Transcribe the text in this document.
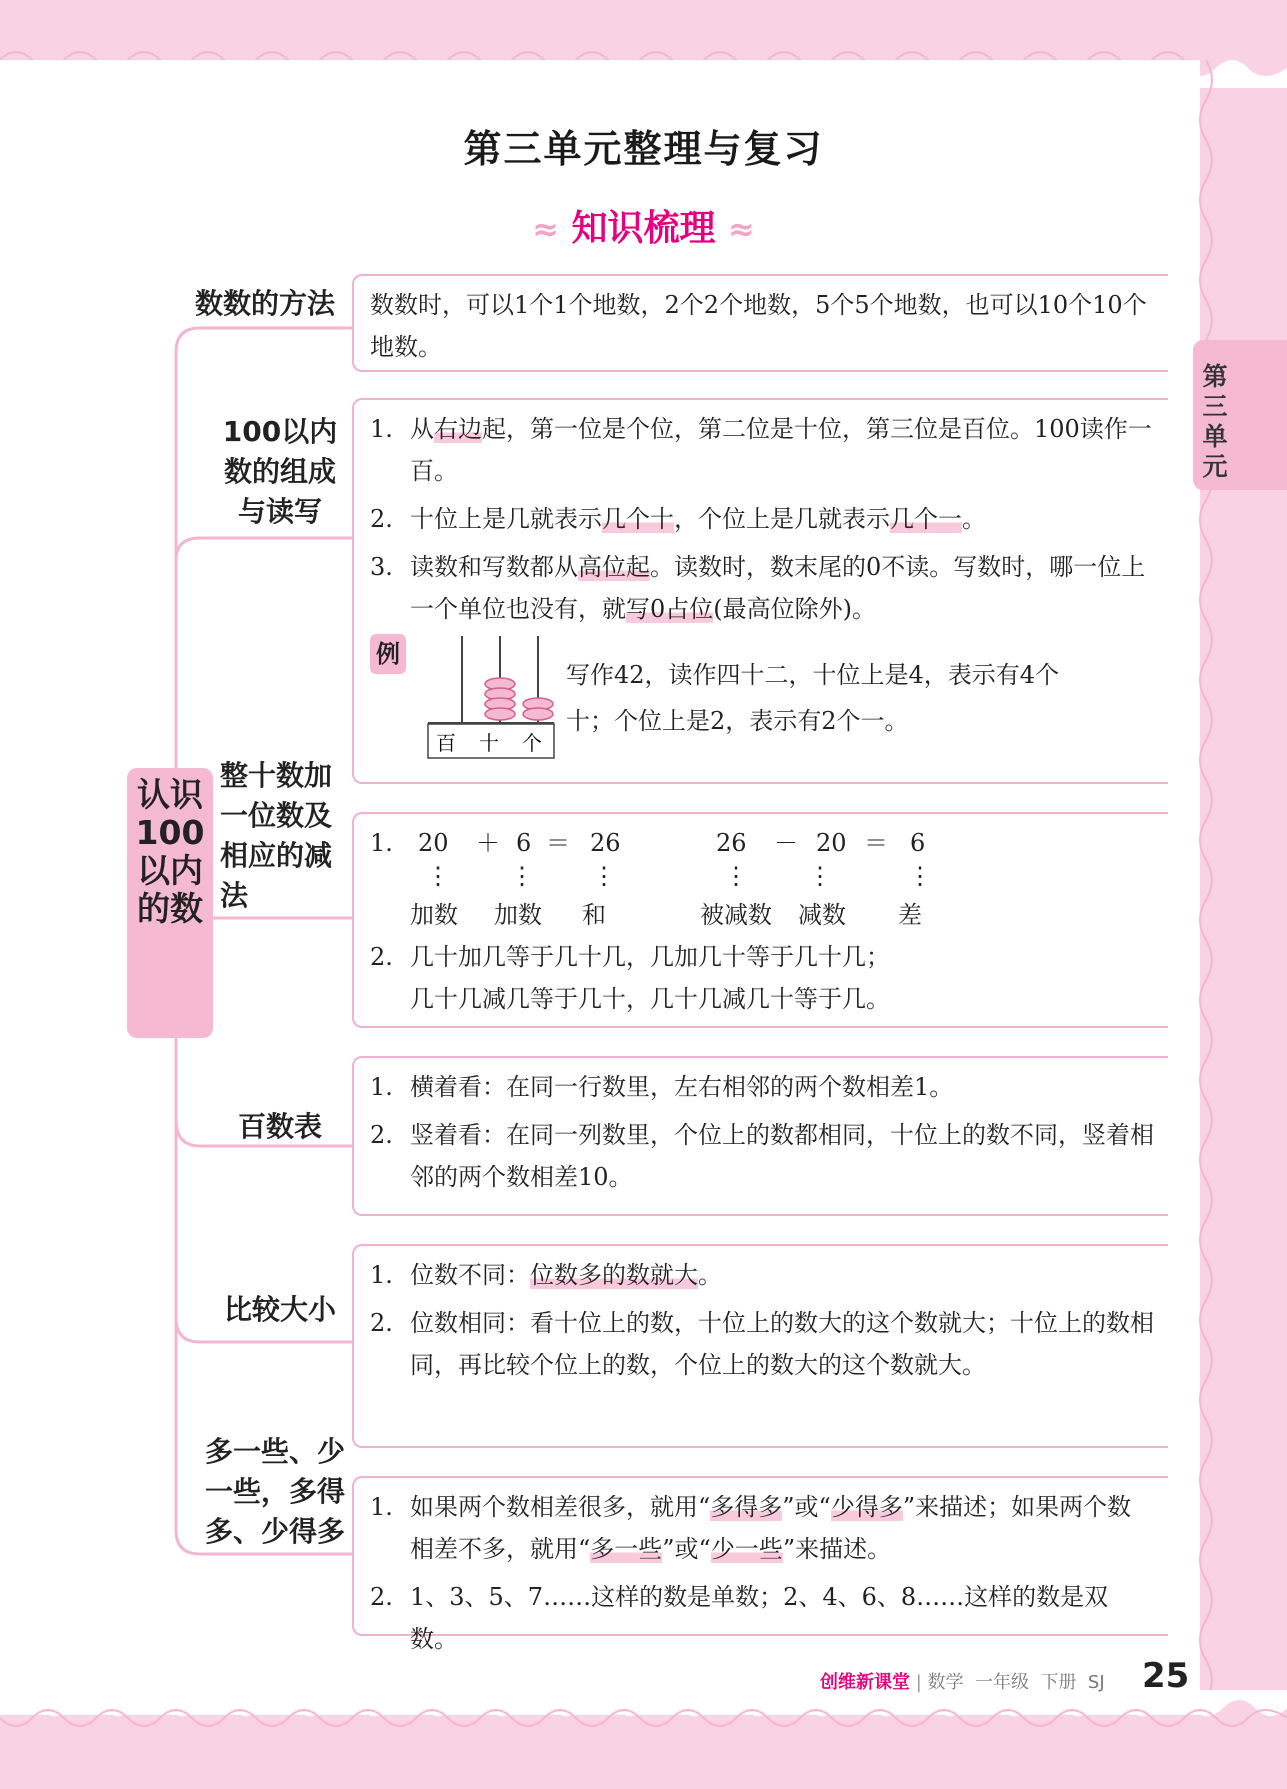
第三单元整理与复习
≈ 知识梳理 ≈
第三单元
认识100以内的数
数数的方法
100以内数的组成与读写
整十数加一位数及相应的减法
百数表
比较大小
多一些、少一些，多得多、少得多
数数时，可以1个1个地数，2个2个地数，5个5个地数，也可以10个10个地数。
1. 从右边起，第一位是个位，第二位是十位，第三位是百位。100读作一百。
2. 十位上是几就表示几个十，个位上是几就表示几个一。
3. 读数和写数都从高位起。读数时，数末尾的0不读。写数时，哪一位上一个单位也没有，就写0占位(最高位除外)。
例
百 十 个
写作42，读作四十二，十位上是4，表示有4个十；个位上是2，表示有2个一。
1. 20 ＋ 6 ＝ 26	26 － 20 ＝ 6
⋮	⋮ ⋮	⋮	⋮	⋮
加数 加数 和	被减数 减数 差
2. 几十加几等于几十几，几加几十等于几十几；
几十几减几等于几十，几十几减几十等于几。
1. 横着看：在同一行数里，左右相邻的两个数相差1。
2. 竖着看：在同一列数里，个位上的数都相同，十位上的数不同，竖着相邻的两个数相差10。
1. 位数不同：位数多的数就大。
2. 位数相同：看十位上的数，十位上的数大的这个数就大；十位上的数相同，再比较个位上的数，个位上的数大的这个数就大。
1. 如果两个数相差很多，就用“多得多”或“少得多”来描述；如果两个数相差不多，就用“多一些”或“少一些”来描述。
2. 1、3、5、7……这样的数是单数；2、4、6、8……这样的数是双数。
创维新课堂 | 数学 一年级 下册 SJ 25
